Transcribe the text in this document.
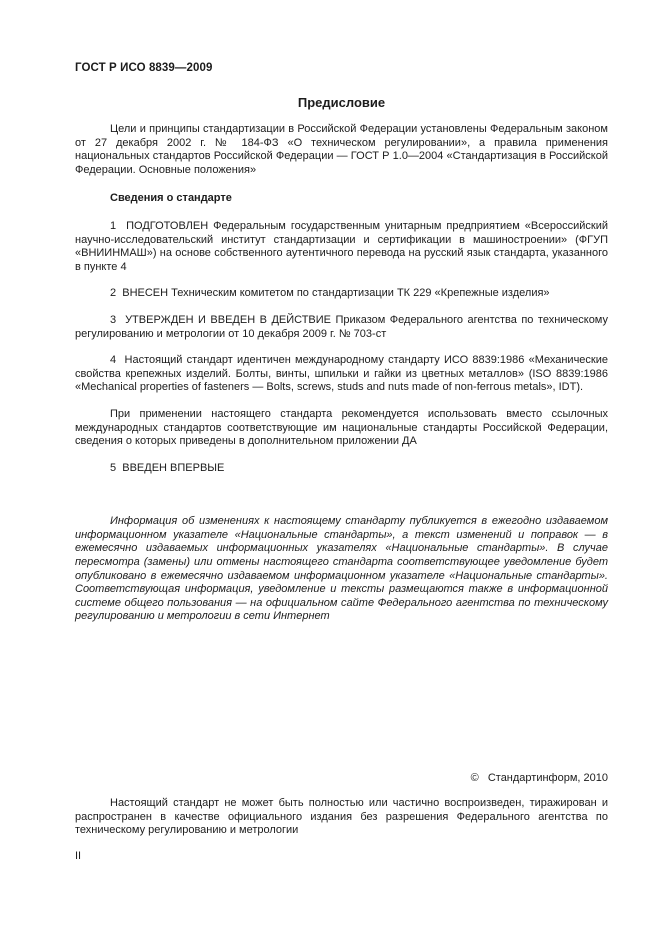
ГОСТ Р ИСО 8839—2009
Предисловие

Цели и принципы стандартизации в Российской Федерации установлены Федеральным законом от 27 декабря 2002 г. № 184-ФЗ «О техническом регулировании», а правила применения национальных стандартов Российской Федерации — ГОСТ Р 1.0—2004 «Стандартизация в Российской Федерации. Основные положения»

Сведения о стандарте

1  ПОДГОТОВЛЕН Федеральным государственным унитарным предприятием «Всероссийский научно-исследовательский институт стандартизации и сертификации в машиностроении» (ФГУП «ВНИИНМАШ») на основе собственного аутентичного перевода на русский язык стандарта, указанного в пункте 4

2  ВНЕСЕН Техническим комитетом по стандартизации ТК 229 «Крепежные изделия»

3  УТВЕРЖДЕН И ВВЕДЕН В ДЕЙСТВИЕ Приказом Федерального агентства по техническому регулированию и метрологии от 10 декабря 2009 г. № 703-ст

4  Настоящий стандарт идентичен международному стандарту ИСО 8839:1986 «Механические свойства крепежных изделий. Болты, винты, шпильки и гайки из цветных металлов» (ISO 8839:1986 «Mechanical properties of fasteners — Bolts, screws, studs and nuts made of non-ferrous metals», IDT).

При применении настоящего стандарта рекомендуется использовать вместо ссылочных международных стандартов соответствующие им национальные стандарты Российской Федерации, сведения о которых приведены в дополнительном приложении ДА

5  ВВЕДЕН ВПЕРВЫЕ

Информация об изменениях к настоящему стандарту публикуется в ежегодно издаваемом информационном указателе «Национальные стандарты», а текст изменений и поправок — в ежемесячно издаваемых информационных указателях «Национальные стандарты». В случае пересмотра (замены) или отмены настоящего стандарта соответствующее уведомление будет опубликовано в ежемесячно издаваемом информационном указателе «Национальные стандарты». Соответствующая информация, уведомление и тексты размещаются также в информационной системе общего пользования — на официальном сайте Федерального агентства по техническому регулированию и метрологии в сети Интернет

©   Стандартинформ, 2010

Настоящий стандарт не может быть полностью или частично воспроизведен, тиражирован и распространен в качестве официального издания без разрешения Федерального агентства по техническому регулированию и метрологии

II
